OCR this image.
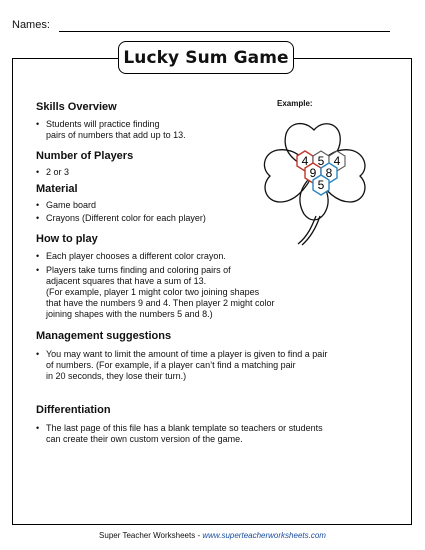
Names:
Lucky Sum Game
Skills Overview
• Students will practice finding
pairs of numbers that add up to 13.
Number of Players
• 2 or 3
Material
• Game board
• Crayons (Different color for each player)
How to play
• Each player chooses a different color crayon.
• Players take turns finding and coloring pairs of
adjacent squares that have a sum of 13.
(For example, player 1 might color two joining shapes
that have the numbers 9 and 4. Then player 2 might color
joining shapes with the numbers 5 and 8.)
Management suggestions
• You may want to limit the amount of time a player is given to find a pair
of numbers. (For example, if a player can’t find a matching pair
in 20 seconds, they lose their turn.)
Differentiation
• The last page of this file has a blank template so teachers or students
can create their own custom version of the game.
Example:
4 5 4
9 8
5
Super Teacher Worksheets - www.superteacherworksheets.com
